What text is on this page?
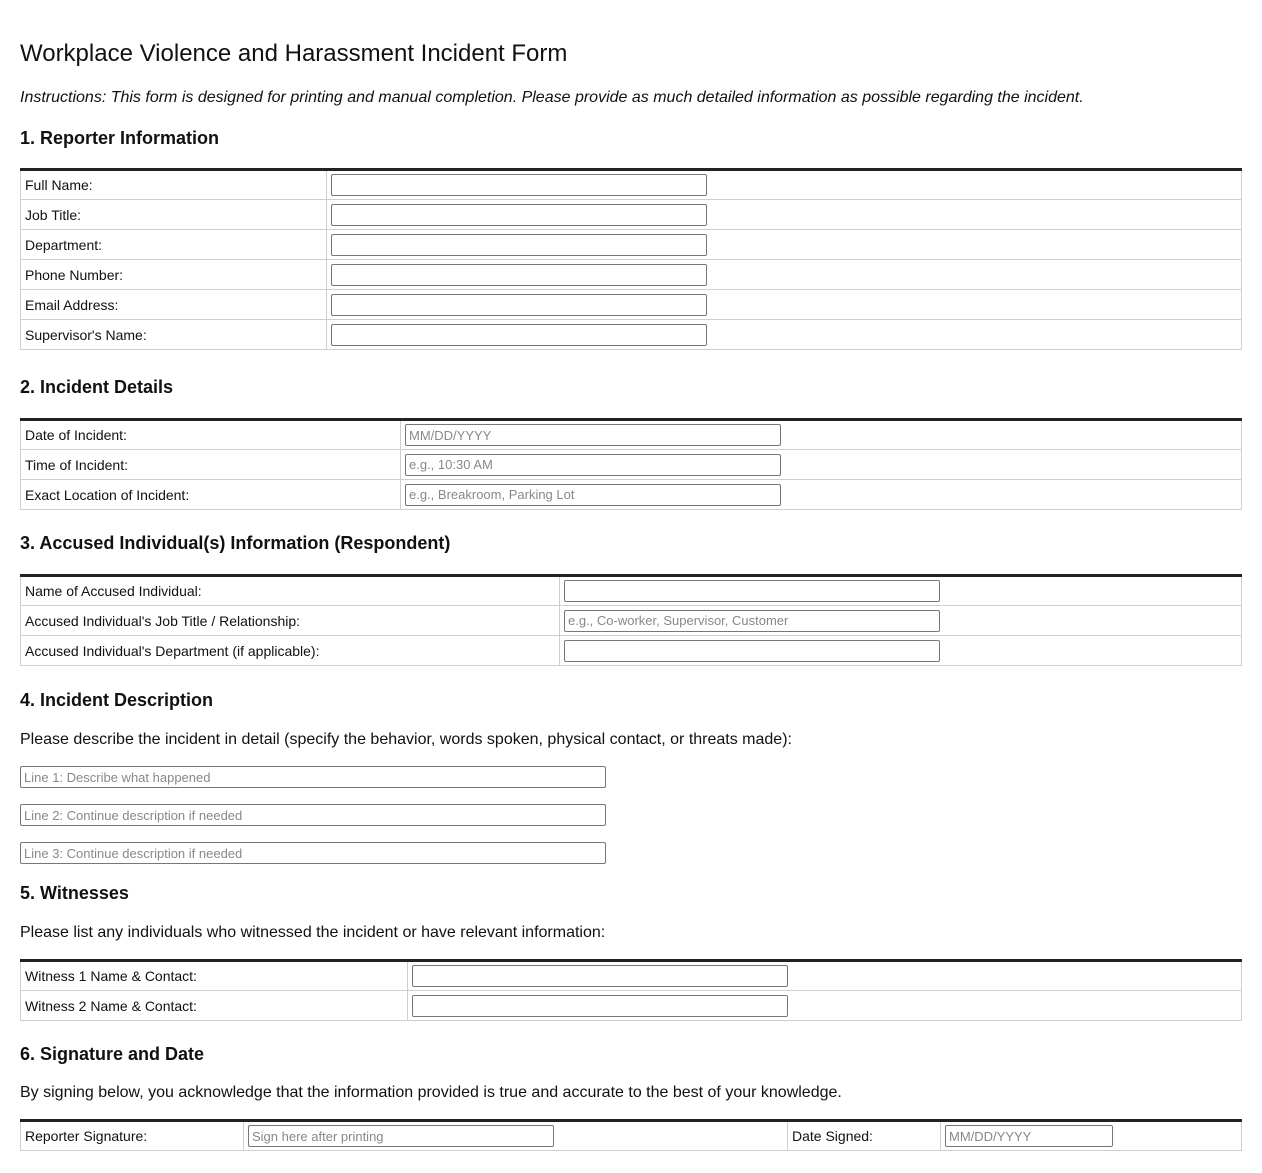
Workplace Violence and Harassment Incident Form

Instructions: This form is designed for printing and manual completion. Please provide as much detailed information as possible regarding the incident.

1. Reporter Information
Full Name:	

Job Title:	

Department:	

Phone Number:	

Email Address:	

Supervisor's Name:	
2. Incident Details
Date of Incident:	
MM/DD/YYYY
Time of Incident:	
e.g., 10:30 AM
Exact Location of Incident:	
e.g., Breakroom, Parking Lot
3. Accused Individual(s) Information (Respondent)
Name of Accused Individual:	

Accused Individual's Job Title / Relationship:	
e.g., Co-worker, Supervisor, Customer
Accused Individual's Department (if applicable):	
4. Incident Description

Please describe the incident in detail (specify the behavior, words spoken, physical contact, or threats made):

Line 1: Describe what happened
Line 2: Continue description if needed
Line 3: Continue description if needed
5. Witnesses

Please list any individuals who witnessed the incident or have relevant information:

Witness 1 Name & Contact:	

Witness 2 Name & Contact:	
6. Signature and Date

By signing below, you acknowledge that the information provided is true and accurate to the best of your knowledge.

Reporter Signature:	
Sign here after printing	Date Signed:	
MM/DD/YYYY
